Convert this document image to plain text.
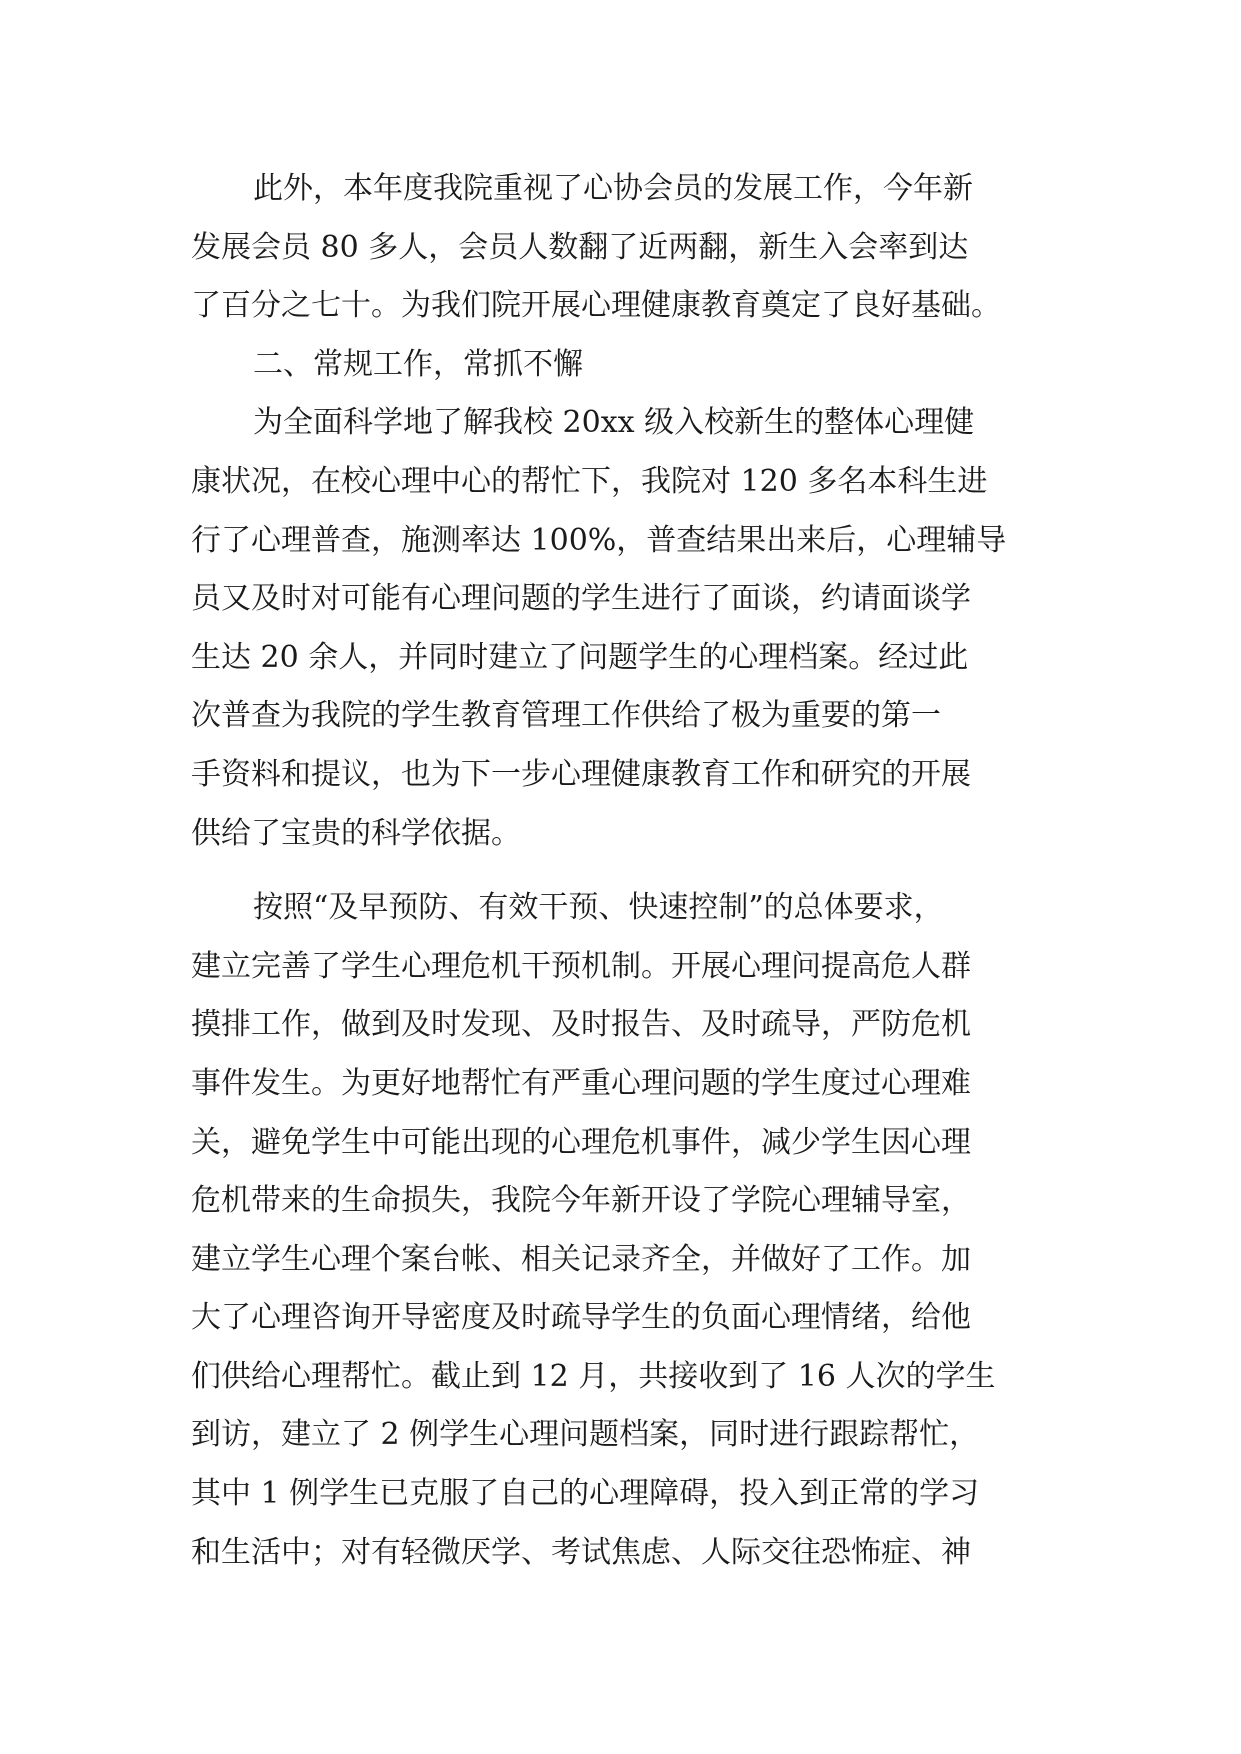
此外，本年度我院重视了心协会员的发展工作，今年新
发展会员 80 多人，会员人数翻了近两翻，新生入会率到达
了百分之七十。为我们院开展心理健康教育奠定了良好基础。
二、常规工作，常抓不懈
为全面科学地了解我校 20xx 级入校新生的整体心理健
康状况，在校心理中心的帮忙下，我院对 120 多名本科生进
行了心理普查，施测率达 100%，普查结果出来后，心理辅导
员又及时对可能有心理问题的学生进行了面谈，约请面谈学
生达 20 余人，并同时建立了问题学生的心理档案。经过此
次普查为我院的学生教育管理工作供给了极为重要的第一
手资料和提议，也为下一步心理健康教育工作和研究的开展
供给了宝贵的科学依据。
按照“及早预防、有效干预、快速控制”的总体要求，
建立完善了学生心理危机干预机制。开展心理问提高危人群
摸排工作，做到及时发现、及时报告、及时疏导，严防危机
事件发生。为更好地帮忙有严重心理问题的学生度过心理难
关，避免学生中可能出现的心理危机事件，减少学生因心理
危机带来的生命损失，我院今年新开设了学院心理辅导室，
建立学生心理个案台帐、相关记录齐全，并做好了工作。加
大了心理咨询开导密度及时疏导学生的负面心理情绪，给他
们供给心理帮忙。截止到 12 月，共接收到了 16 人次的学生
到访，建立了 2 例学生心理问题档案，同时进行跟踪帮忙，
其中 1 例学生已克服了自己的心理障碍，投入到正常的学习
和生活中；对有轻微厌学、考试焦虑、人际交往恐怖症、神
